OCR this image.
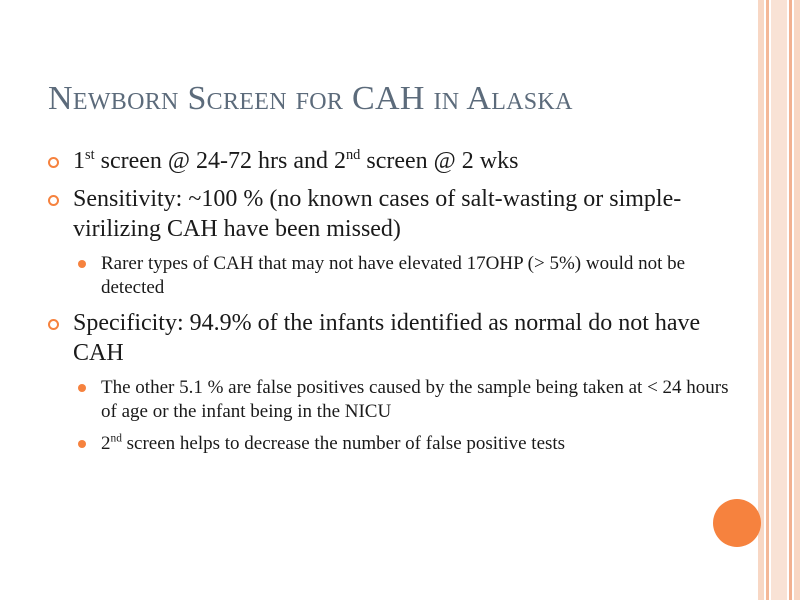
Newborn Screen for CAH in Alaska
1st screen @ 24-72 hrs and 2nd screen @ 2 wks
Sensitivity: ~100 % (no known cases of salt-wasting or simple-virilizing CAH have been missed)
Rarer types of CAH that may not have elevated 17OHP (> 5%) would not be detected
Specificity: 94.9% of the infants identified as normal do not have CAH
The other 5.1 % are false positives caused by the sample being taken at < 24 hours of age or the infant being in the NICU
2nd screen helps to decrease the number of false positive tests
